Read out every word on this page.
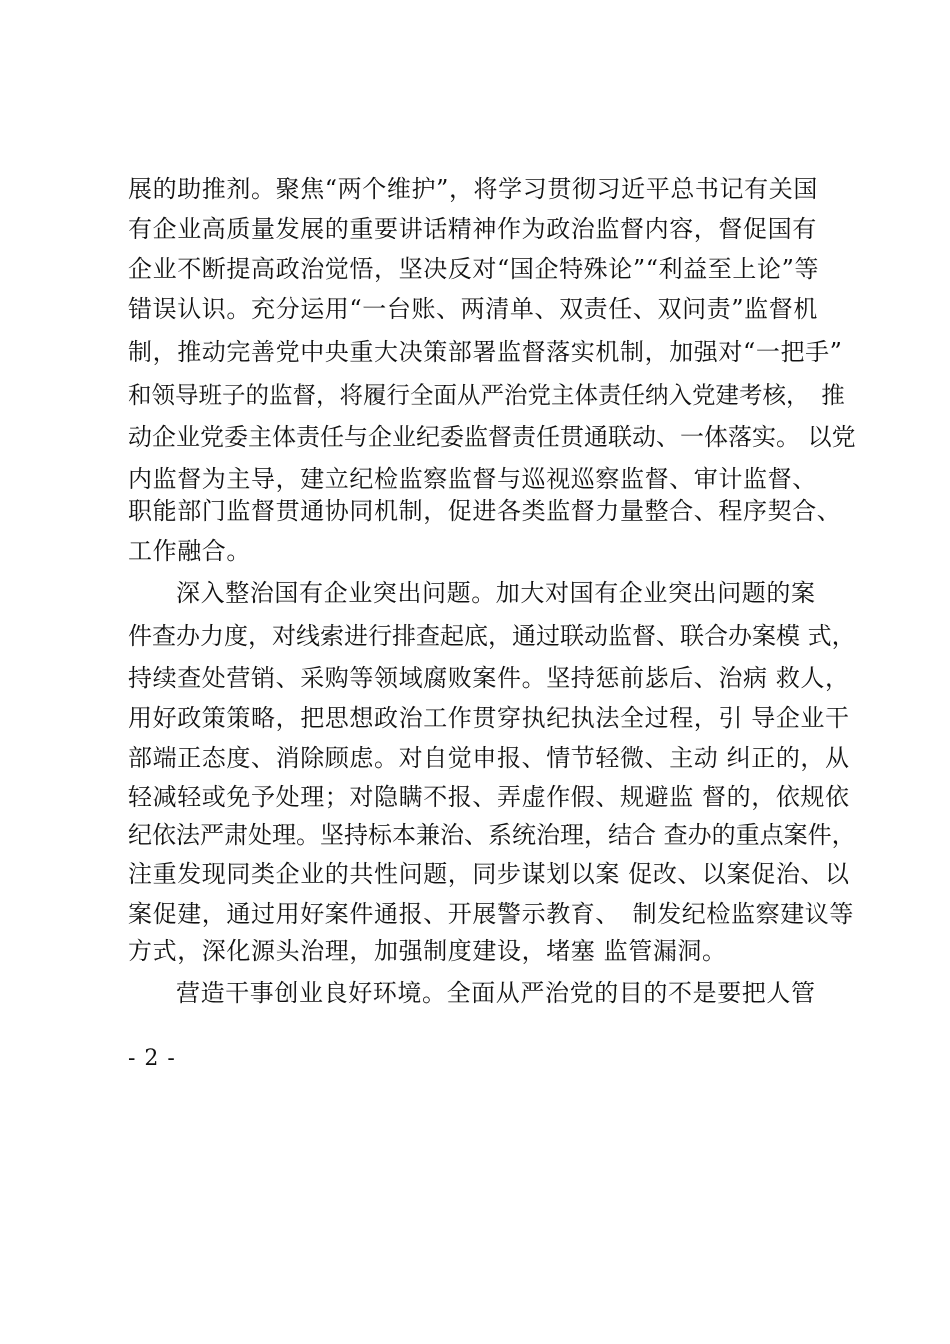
展的助推剂。聚焦“两个维护”，将学习贯彻习近平总书记有关国
有企业高质量发展的重要讲话精神作为政治监督内容，督促国有
企业不断提高政治觉悟，坚决反对“国企特殊论”“利益至上论”等
错误认识。充分运用“一台账、两清单、双责任、双问责”监督机
制，推动完善党中央重大决策部署监督落实机制，加强对“一把手”
和领导班子的监督，将履行全面从严治党主体责任纳入党建考核，　推
动企业党委主体责任与企业纪委监督责任贯通联动、一体落实。 以党
内监督为主导，建立纪检监察监督与巡视巡察监督、审计监督、
职能部门监督贯通协同机制，促进各类监督力量整合、程序契合、
工作融合。
深入整治国有企业突出问题。加大对国有企业突出问题的案
件查办力度，对线索进行排查起底，通过联动监督、联合办案模 式，
持续查处营销、采购等领域腐败案件。坚持惩前毖后、治病 救人，
用好政策策略，把思想政治工作贯穿执纪执法全过程，引 导企业干
部端正态度、消除顾虑。对自觉申报、情节轻微、主动 纠正的，从
轻减轻或免予处理；对隐瞒不报、弄虚作假、规避监 督的，依规依
纪依法严肃处理。坚持标本兼治、系统治理，结合 查办的重点案件，
注重发现同类企业的共性问题，同步谋划以案 促改、以案促治、以
案促建，通过用好案件通报、开展警示教育、　制发纪检监察建议等
方式，深化源头治理，加强制度建设，堵塞 监管漏洞。
营造干事创业良好环境。全面从严治党的目的不是要把人管
- 2 -
